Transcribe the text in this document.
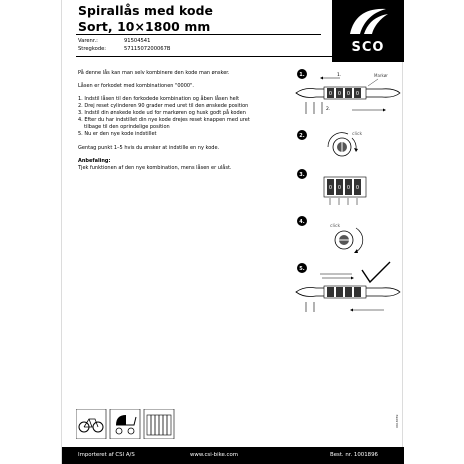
Spirallås med kode
Sort, 10×1800 mm
SCO
Varenr.:	91504541
Stregkode:	5711507200067B
På denne lås kan man selv kombinere den kode man ønsker.
Låsen er forkodet med kombinationen "0000".
1. Indstil låsen til den forkodede kombination og åben låsen helt
2. Drej reset cylinderen 90 grader med uret til den ønskede position
3. Indstil din ønskede kode ud for markøren og husk godt på koden
4. Efter du har indstillet din nye kode drejes reset knappen med uret
tilbage til den oprindelige position
5. Nu er den nye kode indstillet
Gentag punkt 1–5 hvis du ønsker at indstille en ny kode.
Anbefaling:
Tjek funktionen af den nye kombination, mens låsen er ulåst.
1.	1.	Markør
0 0 0 0
2.
2.	click
3.
0 0 0 0
4.
click
5.
0918789
Importeret af CSI A/S	www.csi-bike.com	Best. nr. 1001896
